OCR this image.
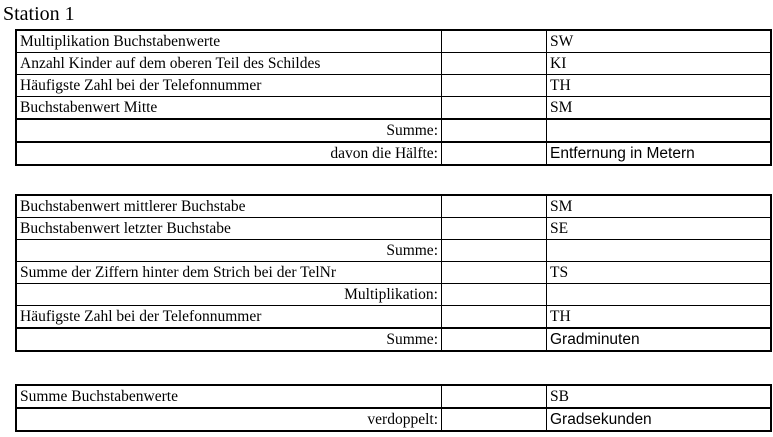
Station 1
Multiplikation Buchstabenwerte		SW
Anzahl Kinder auf dem oberen Teil des Schildes		KI
Häufigste Zahl bei der Telefonnummer		TH
Buchstabenwert Mitte		SM
Summe:		
davon die Hälfte:		Entfernung in Metern
Buchstabenwert mittlerer Buchstabe		SM
Buchstabenwert letzter Buchstabe		SE
Summe:		
Summe der Ziffern hinter dem Strich bei der TelNr		TS
Multiplikation:		
Häufigste Zahl bei der Telefonnummer		TH
Summe:		Gradminuten
Summe Buchstabenwerte		SB
verdoppelt:		Gradsekunden
